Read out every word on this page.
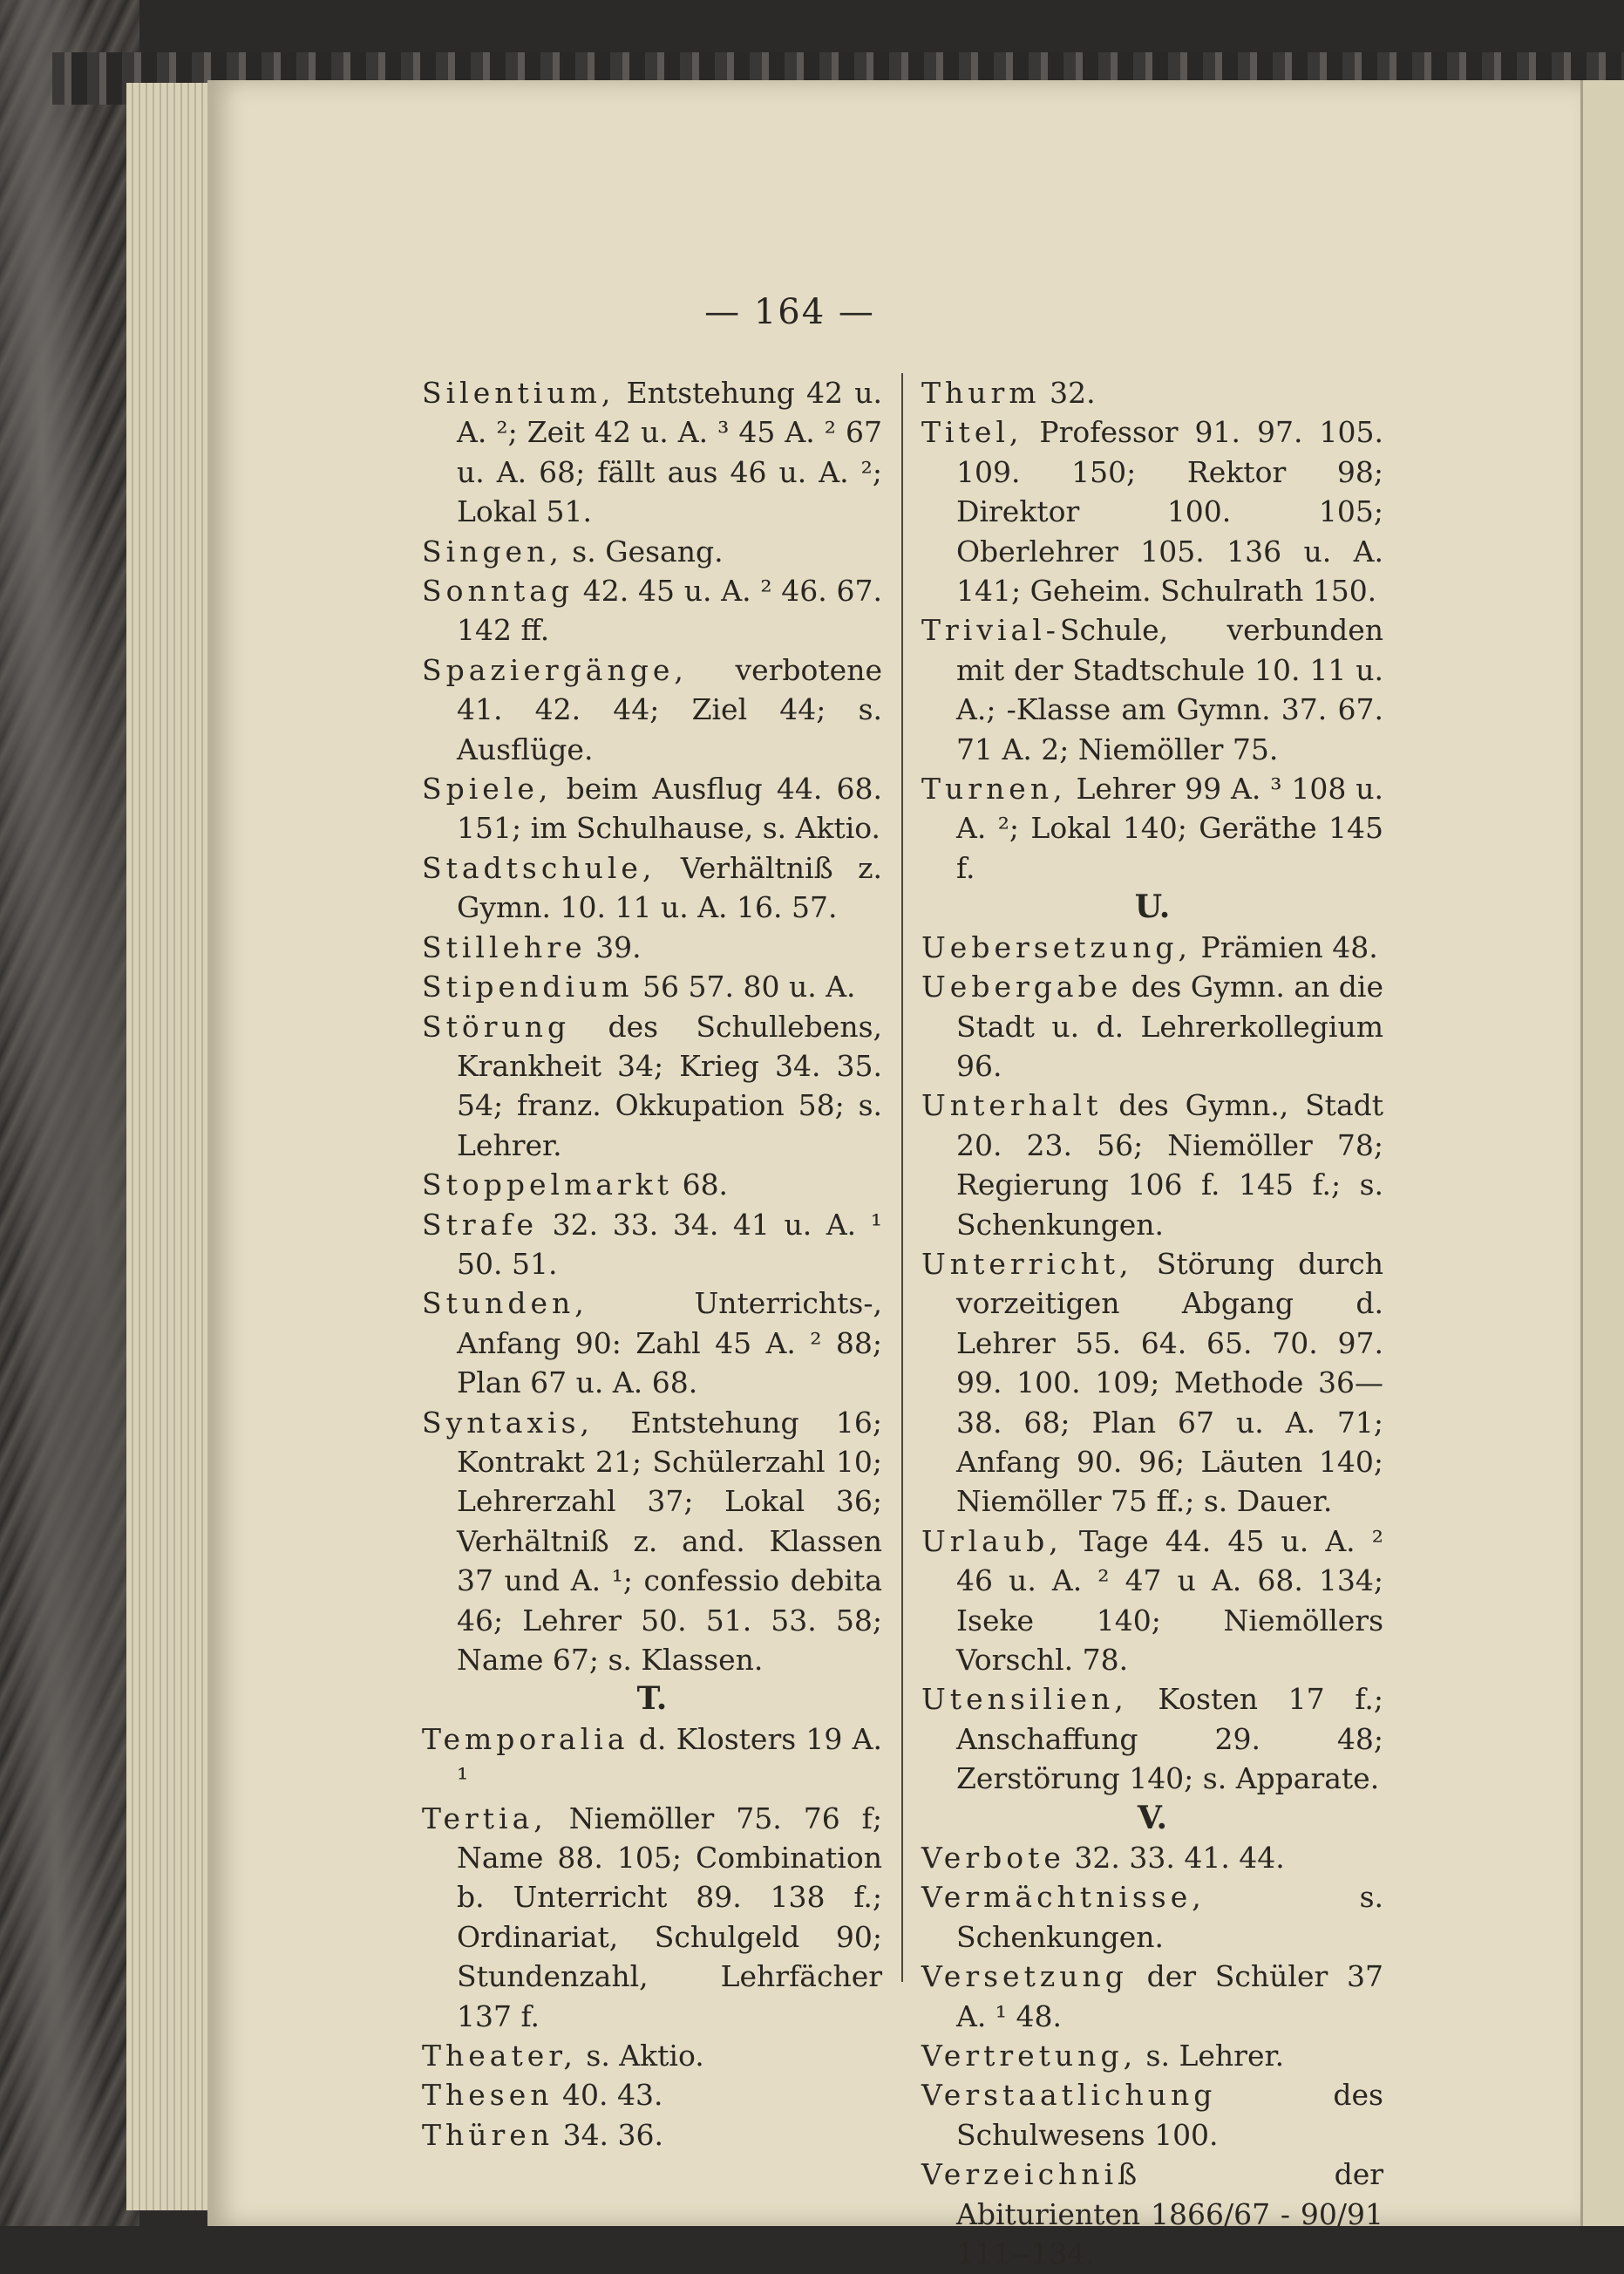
— 164 —

Silentium, Entstehung 42 u. A. ²; Zeit 42 u. A. ³ 45 A. ² 67 u. A. 68; fällt aus 46 u. A. ²; Lokal 51.

Singen, s. Gesang.

Sonntag 42. 45 u. A. ² 46. 67. 142 ff.

Spaziergänge, verbotene 41. 42. 44; Ziel 44; s. Ausflüge.

Spiele, beim Ausflug 44. 68. 151; im Schulhause, s. Aktio.

Stadtschule, Verhältniß z. Gymn. 10. 11 u. A. 16. 57.

Stillehre 39.

Stipendium 56 57. 80 u. A.

Störung des Schullebens, Krankheit 34; Krieg 34. 35. 54; franz. Okkupation 58; s. Lehrer.

Stoppelmarkt 68.

Strafe 32. 33. 34. 41 u. A. ¹ 50. 51.

Stunden, Unterrichts-, Anfang 90: Zahl 45 A. ² 88; Plan 67 u. A. 68.

Syntaxis, Entstehung 16; Kontrakt 21; Schülerzahl 10; Lehrerzahl 37; Lokal 36; Verhältniß z. and. Klassen 37 und A. ¹; confessio debita 46; Lehrer 50. 51. 53. 58; Name 67; s. Klassen.

T.

Temporalia d. Klosters 19 A. ¹

Tertia, Niemöller 75. 76 f; Name 88. 105; Combination b. Unterricht 89. 138 f.; Ordinariat, Schulgeld 90; Stundenzahl, Lehrfächer 137 f.

Theater, s. Aktio.

Thesen 40. 43.

Thüren 34. 36.

Thurm 32.

Titel, Professor 91. 97. 105. 109. 150; Rektor 98; Direktor 100. 105; Oberlehrer 105. 136 u. A. 141; Geheim. Schulrath 150.

Trivial-Schule, verbunden mit der Stadtschule 10. 11 u. A.; -Klasse am Gymn. 37. 67. 71 A. 2; Niemöller 75.

Turnen, Lehrer 99 A. ³ 108 u. A. ²; Lokal 140; Geräthe 145 f.

U.

Uebersetzung, Prämien 48.

Uebergabe des Gymn. an die Stadt u. d. Lehrerkollegium 96.

Unterhalt des Gymn., Stadt 20. 23. 56; Niemöller 78; Regierung 106 f. 145 f.; s. Schenkungen.

Unterricht, Störung durch vorzeitigen Abgang d. Lehrer 55. 64. 65. 70. 97. 99. 100. 109; Methode 36—38. 68; Plan 67 u. A. 71; Anfang 90. 96; Läuten 140; Niemöller 75 ff.; s. Dauer.

Urlaub, Tage 44. 45 u. A. ² 46 u. A. ² 47 u A. 68. 134; Iseke 140; Niemöllers Vorschl. 78.

Utensilien, Kosten 17 f.; Anschaffung 29. 48; Zerstörung 140; s. Apparate.

V.

Verbote 32. 33. 41. 44.

Vermächtnisse, s. Schenkungen.

Versetzung der Schüler 37 A. ¹ 48.

Vertretung, s. Lehrer.

Verstaatlichung des Schulwesens 100.

Verzeichniß der Abiturienten 1866/67 - 90/91 111--134.
